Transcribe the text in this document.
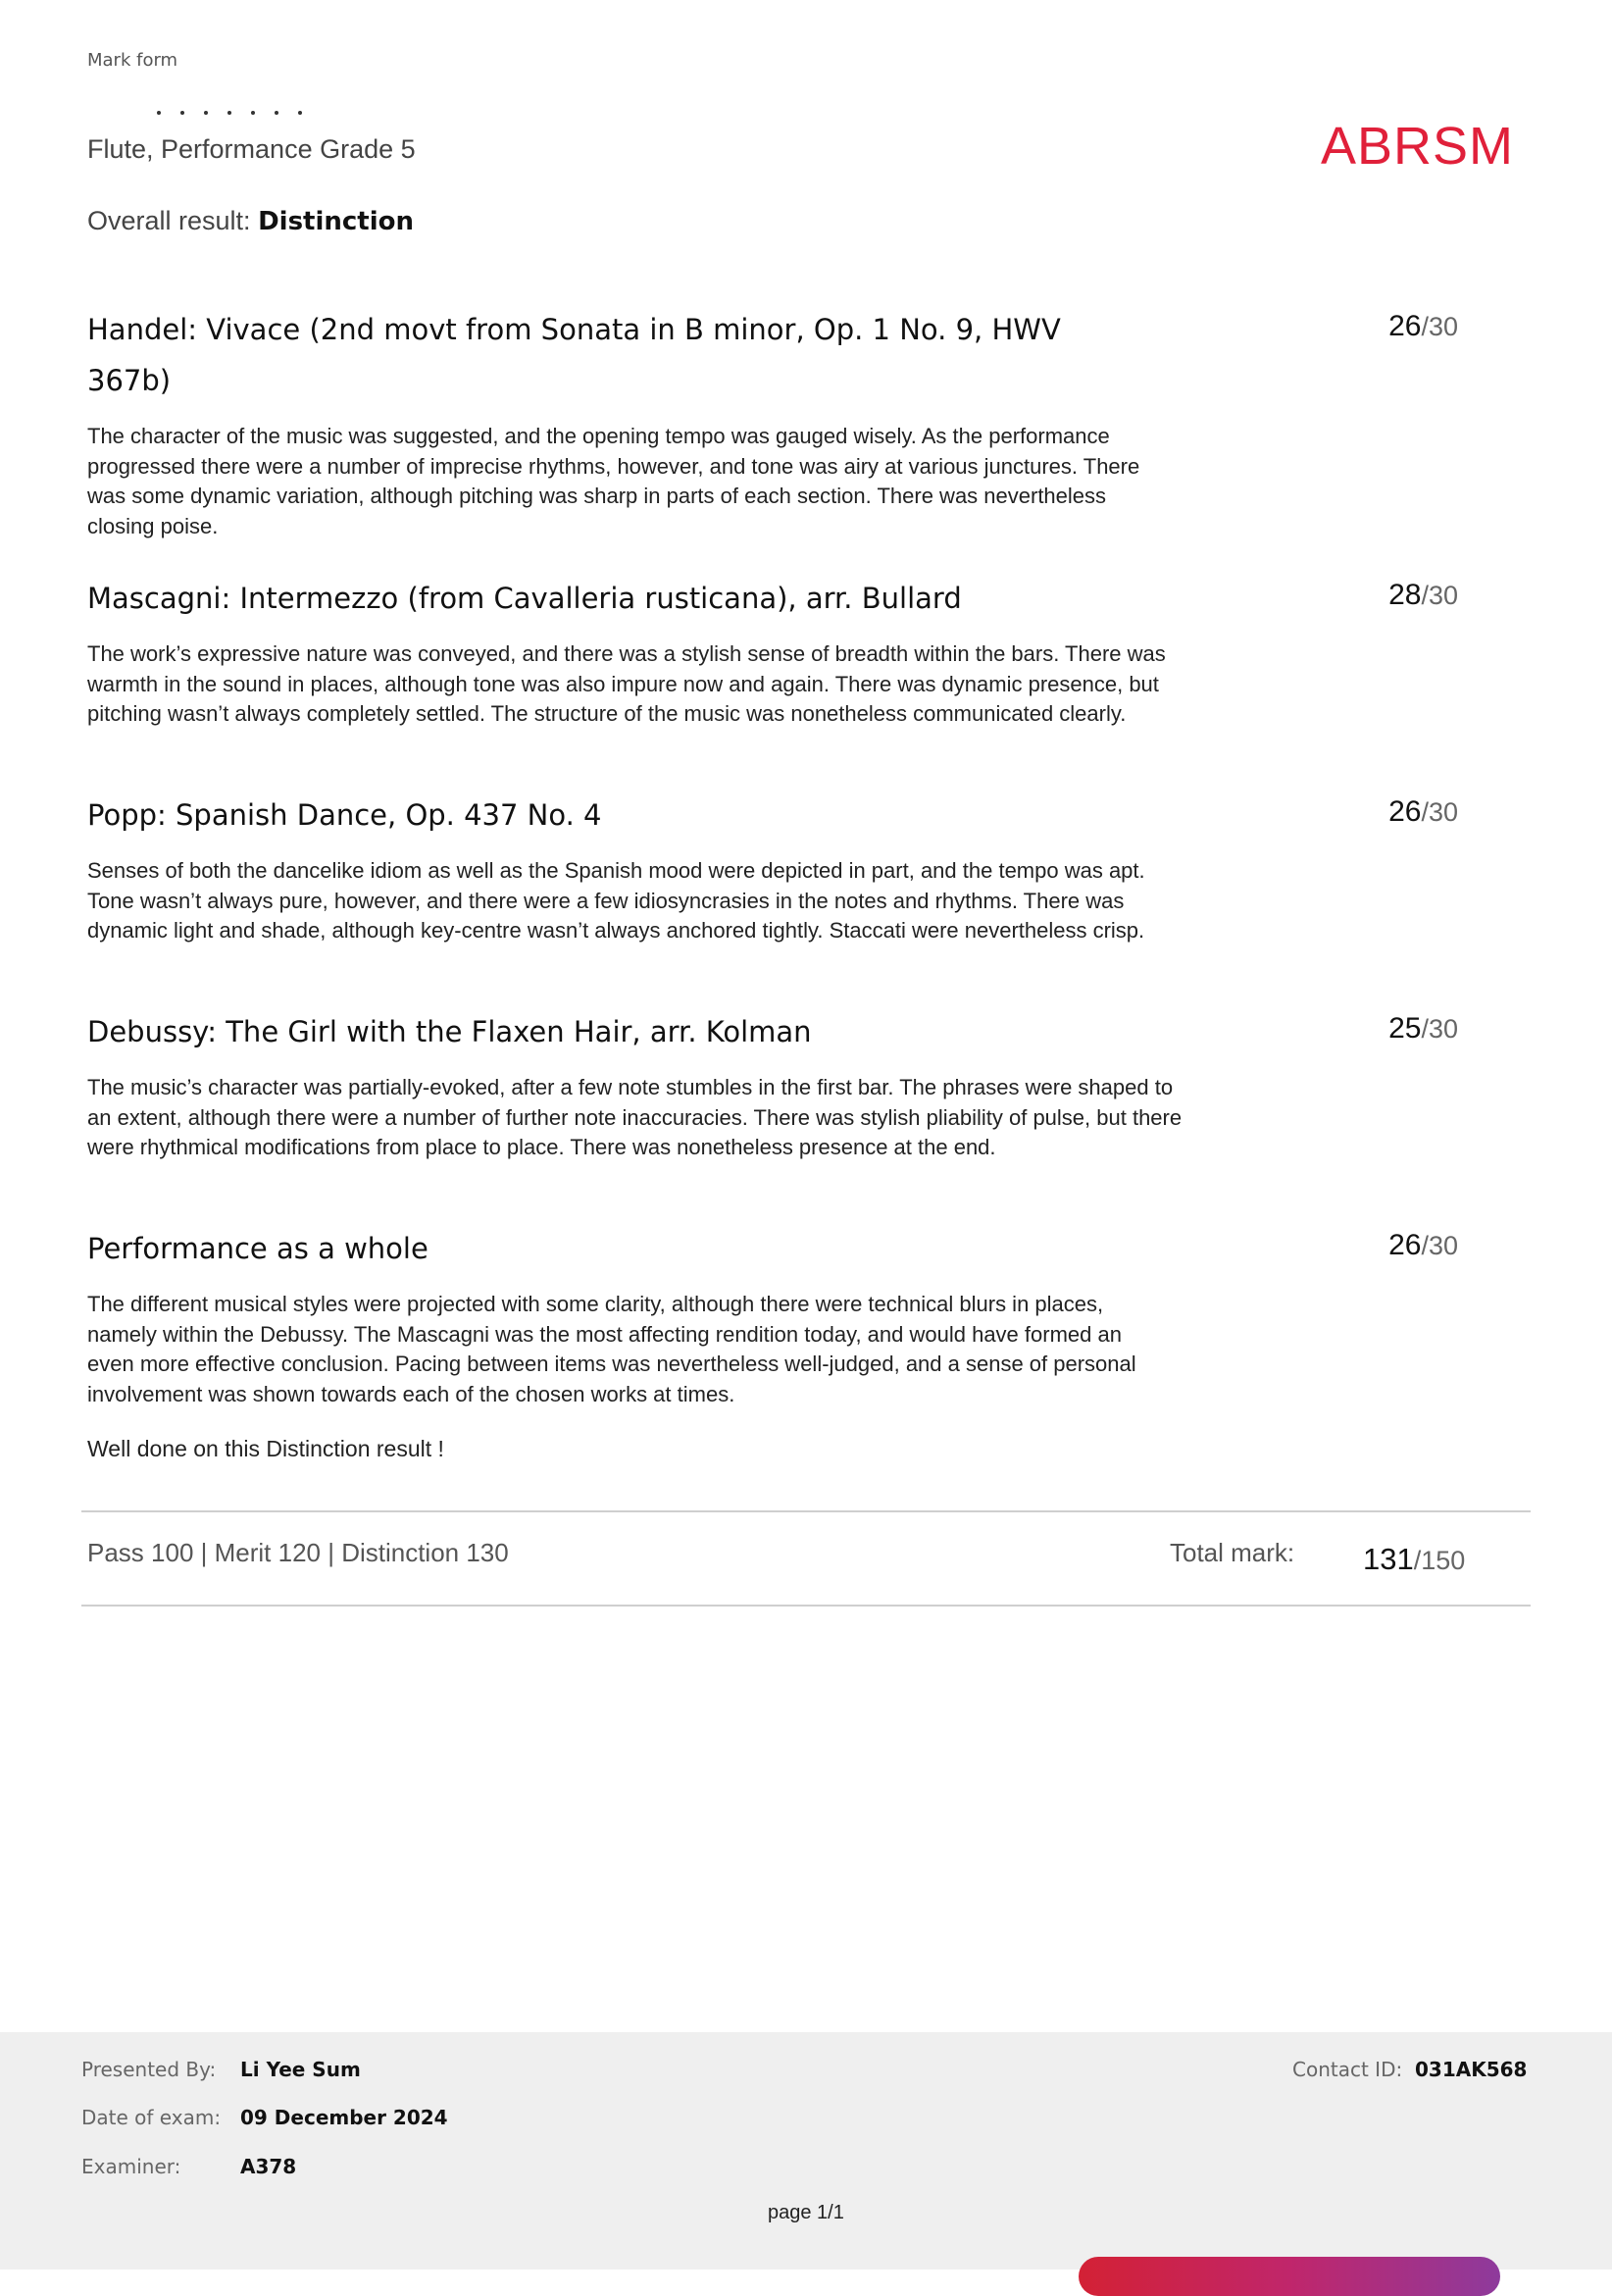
Mark form
Flute, Performance Grade 5	ABRSM
Overall result: Distinction
Handel: Vivace (2nd movt from Sonata in B minor, Op. 1 No. 9, HWV 367b)
26/30

The character of the music was suggested, and the opening tempo was gauged wisely. As the performance progressed there were a number of imprecise rhythms, however, and tone was airy at various junctures. There was some dynamic variation, although pitching was sharp in parts of each section. There was nevertheless closing poise.

Mascagni: Intermezzo (from Cavalleria rusticana), arr. Bullard	28/30

The work’s expressive nature was conveyed, and there was a stylish sense of breadth within the bars. There was warmth in the sound in places, although tone was also impure now and again. There was dynamic presence, but pitching wasn’t always completely settled. The structure of the music was nonetheless communicated clearly.

Popp: Spanish Dance, Op. 437 No. 4	26/30

Senses of both the dancelike idiom as well as the Spanish mood were depicted in part, and the tempo was apt. Tone wasn’t always pure, however, and there were a few idiosyncrasies in the notes and rhythms. There was dynamic light and shade, although key-centre wasn’t always anchored tightly. Staccati were nevertheless crisp.

Debussy: The Girl with the Flaxen Hair, arr. Kolman	25/30

The music’s character was partially-evoked, after a few note stumbles in the first bar. The phrases were shaped to an extent, although there were a number of further note inaccuracies. There was stylish pliability of pulse, but there were rhythmical modifications from place to place. There was nonetheless presence at the end.

Performance as a whole	26/30

The different musical styles were projected with some clarity, although there were technical blurs in places, namely within the Debussy. The Mascagni was the most affecting rendition today, and would have formed an even more effective conclusion. Pacing between items was nevertheless well-judged, and a sense of personal involvement was shown towards each of the chosen works at times.

Well done on this Distinction result !
Pass 100 | Merit 120 | Distinction 130	Total mark: 131/150
Presented By: Li Yee Sum
Date of exam: 09 December 2024
Examiner:	A378
Contact ID: 031AK568
page 1/1
